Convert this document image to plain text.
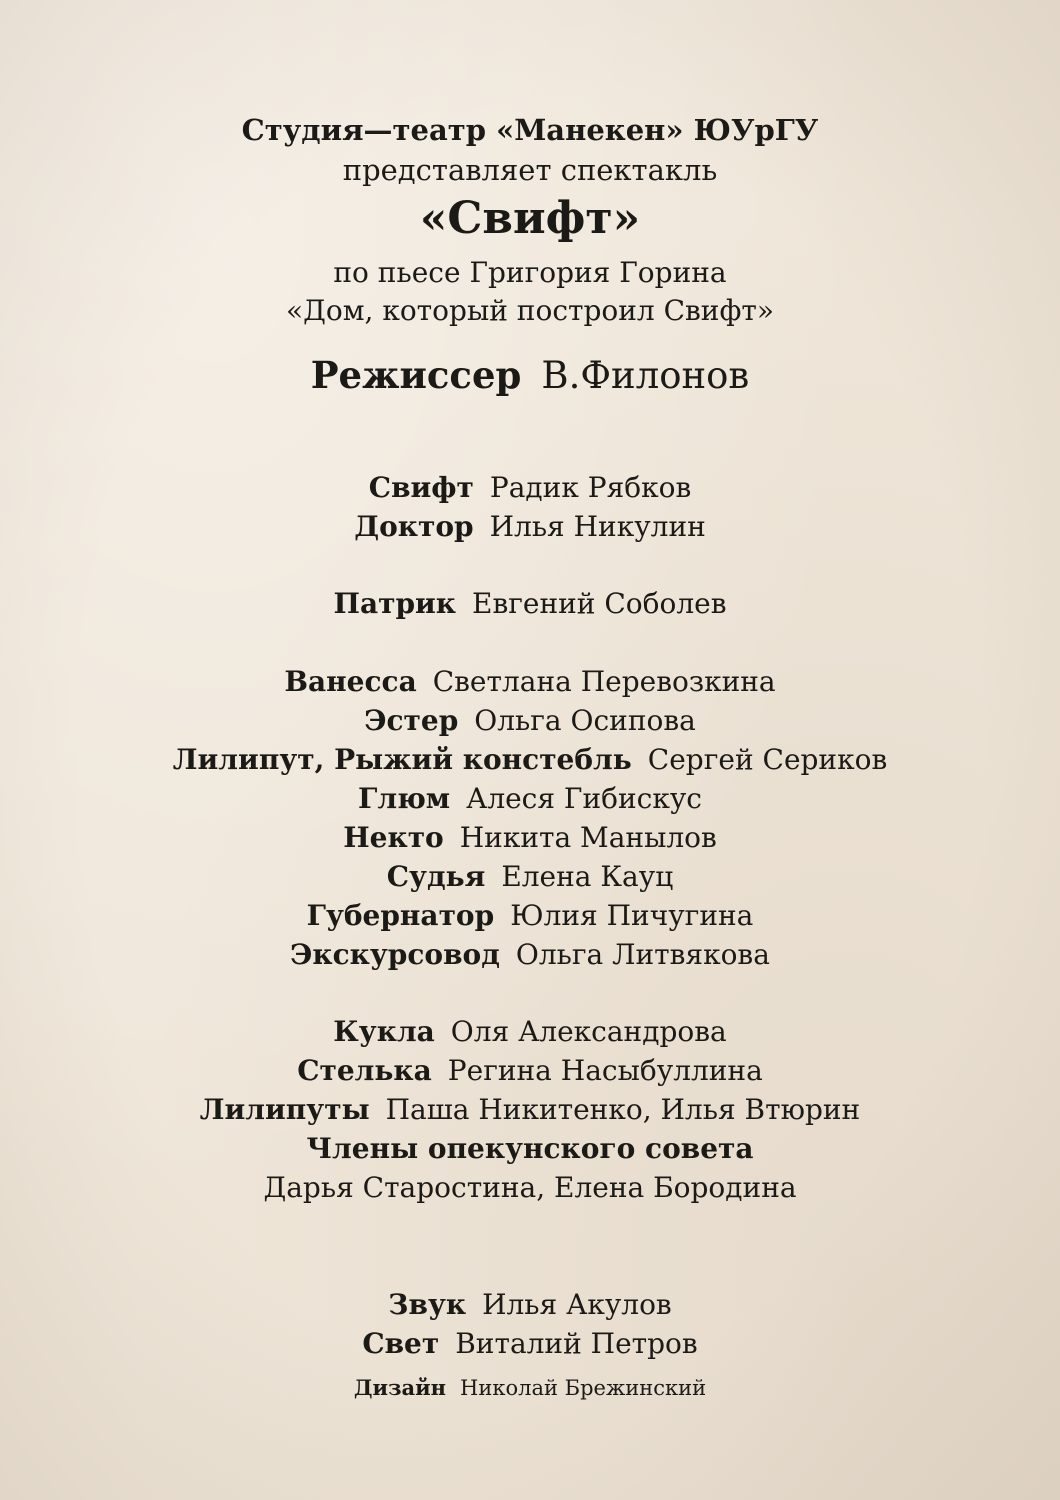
Студия—театр «Манекен» ЮУрГУ
представляет спектакль
«Свифт»
по пьесе Григория Горина
«Дом, который построил Свифт»
Режиссер В.Филонов
Свифт Радик Рябков
Доктор Илья Никулин
Патрик Евгений Соболев
Ванесса Светлана Перевозкина
Эстер Ольга Осипова
Лилипут, Рыжий констебль Сергей Сериков
Глюм Алеся Гибискус
Некто Никита Манылов
Судья Елена Кауц
Губернатор Юлия Пичугина
Экскурсовод Ольга Литвякова
Кукла Оля Александрова
Стелька Регина Насыбуллина
Лилипуты Паша Никитенко, Илья Втюрин
Члены опекунского совета
Дарья Старостина, Елена Бородина
Звук Илья Акулов
Свет Виталий Петров
Дизайн Николай Брежинский
